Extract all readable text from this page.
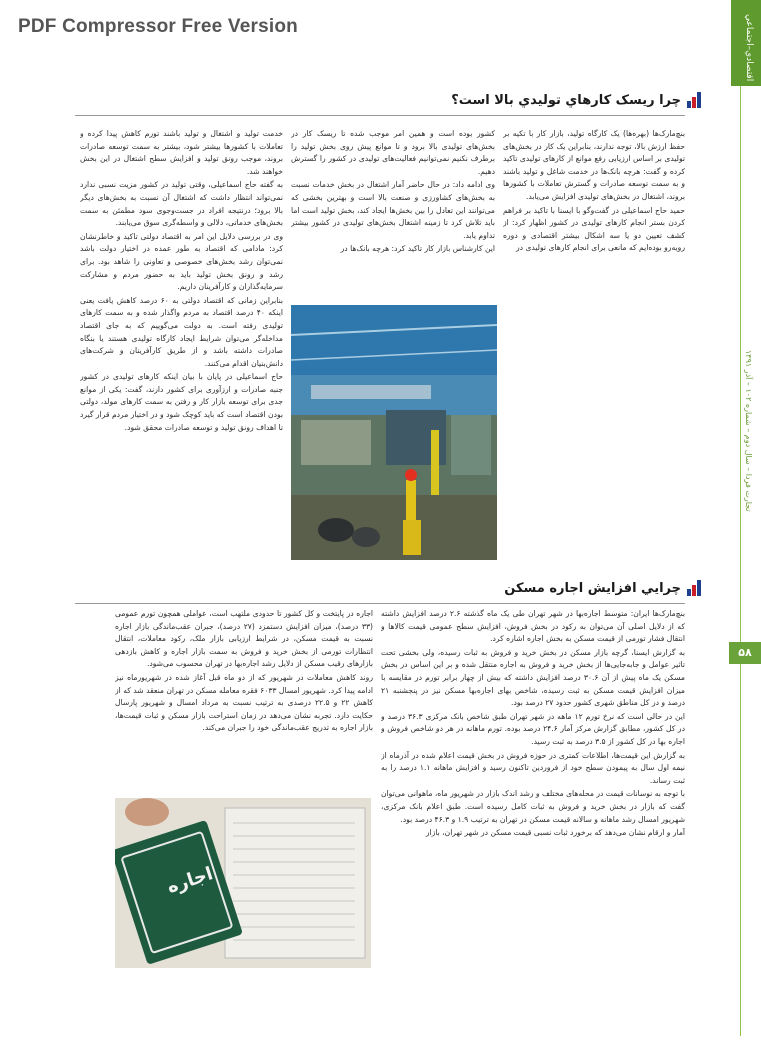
PDF Compressor Free Version	اقتصادي–اجتماعي
تجارت فردا – سال دوم – شماره ۱۰۲ – آذر ۱۳۹۱
۵۸
چرا ريسک کارهاي توليدي بالا است؟

بنچ‌مارک‌ها (بهره‌ها) یک کارگاه تولید، بازار کار با تکیه بر حفظ ارزش بالا، توجه ندارند، بنابراین یک کار در بخش‌های تولیدی بر اساس ارزیابی رفع موانع از کارهای تولیدی تاکید کرده و گفت: هرچه بانک‌ها در خدمت شاغل و تولید باشند و به سمت توسعه صادرات و گسترش تعاملات با کشورها بروند، اشتغال در بخش‌های تولیدی افزایش می‌یابد.

حمید حاج اسماعیلی در گفت‌وگو با ایسنا با تاکید بر فراهم کردن بستر انجام کارهای تولیدی در کشور اظهار کرد: از کشف تعیین دو یا سه اشکال بیشتر اقتصادی و دوره رویه‌رو بوده‌ایم که مانعی برای انجام کارهای تولیدی در

کشور بوده است و همین امر موجب شده تا ریسک کار در بخش‌های تولیدی بالا برود و تا موانع پیش روی بخش تولید را برطرف نکنیم نمی‌توانیم فعالیت‌های تولیدی در کشور را گسترش دهیم.

وی ادامه داد: در حال حاضر آمار اشتغال در بخش خدمات نسبت به بخش‌های کشاورزی و صنعت بالا است و بهترین بخشی که می‌توانند این تعادل را بین بخش‌ها ایجاد کند، بخش تولید است اما باید تلاش کرد تا زمینه اشتغال بخش‌های تولیدی در کشور بیشتر تداوم یابد.

این کارشناس بازار کار تاکید کرد: هرچه بانک‌ها در

خدمت تولید و اشتغال و تولید باشند تورم کاهش پیدا کرده و تعاملات با کشورها بیشتر شود، بیشتر به سمت توسعه صادرات بروند، موجب رونق تولید و افزایش سطح اشتغال در این بخش خواهند شد.

به گفته حاج اسماعیلی، وقتی تولید در کشور مزیت نسبی ندارد نمی‌تواند انتظار داشت که اشتغال آن نسبت به بخش‌های دیگر بالا برود؛ درنتیجه افراد در جست‌وجوی سود مطمئن به سمت بخش‌های خدماتی، دلالی و واسطه‌گری سوق می‌یابند.

وی در بررسی دلایل این امر به اقتصاد دولتی تاکید و خاطرنشان کرد: مادامی که اقتصاد به طور عمده در اختیار دولت باشد نمی‌توان رشد بخش‌های خصوصی و تعاونی را شاهد بود. برای رشد و رونق بخش تولید باید به حضور مردم و مشارکت سرمایه‌گذاران و کارآفرینان داریم.

بنابراین زمانی که اقتصاد دولتی به ۶۰ درصد کاهش یافت یعنی اینکه ۴۰ درصد اقتصاد به مردم واگذار شده و به سمت کارهای تولیدی رفته است. به دولت می‌گوییم که به جای اقتصاد مداخله‌گر می‌توان شرایط ایجاد کارگاه تولیدی هستند یا بنگاه صادرات داشته باشد و از طریق کارآفرینان و شرکت‌های دانش‌بنیان اقدام می‌کنند.

حاج اسماعیلی در پایان با بیان اینکه کارهای تولیدی در کشور جنبه صادرات و ارزآوری برای کشور دارند، گفت: یکی از موانع جدی برای توسعه بازار کار و رفتن به سمت کارهای مولد، دولتی بودن اقتصاد است که باید کوچک شود و در اختیار مردم قرار گیرد تا اهداف رونق تولید و توسعه صادرات محقق شود.

چرايي افزايش اجاره مسکن

بنچ‌مارک‌ها ایران: متوسط اجاره‌بها در شهر تهران طی یک ماه گذشته ۲.۶ درصد افزایش داشته که از دلایل اصلی آن می‌توان به رکود در بخش فروش، افزایش سطح عمومی قیمت کالاها و انتقال فشار تورمی از قیمت مسکن به بخش اجاره اشاره کرد.

به گزارش ایسنا، گرچه بازار مسکن در بخش خرید و فروش به ثبات رسیده، ولی بخشی تحت تاثیر عوامل و جابه‌جایی‌ها از بخش خرید و فروش به اجاره منتقل شده و بر این اساس در بخش مسکن یک ماه پیش از آن ۳۰.۶ درصد افزایش داشته که بیش از چهار برابر تورم در مقایسه با میزان افزایش قیمت مسکن به ثبت رسیده، شاخص بهای اجاره‌بها مسکن نیز در پنجشنبه ۲۱ درصد و در کل مناطق شهری کشور حدود ۲۷ درصد بود.

این در حالی است که نرخ تورم ۱۲ ماهه در شهر تهران طبق شاخص بانک مرکزی ۳۶.۳ درصد و در کل کشور، مطابق گزارش مرکز آمار ۲۴.۶ درصد بوده. تورم ماهانه در هر دو شاخص فروش و اجاره بها در کل کشور از ۳.۵ درصد به ثبت رسید.

به گزارش این قیمت‌ها، اطلاعات کمتری در حوزه فروش در بخش قیمت اعلام شده در آذرماه از نیمه اول سال به پیمودن سطح خود از فروردین تاکنون رسید و افزایش ماهانه ۱.۱ درصد را به ثبت رساند.

با توجه به نوسانات قیمت در محله‌های مختلف و رشد اندک بازار در شهریور ماه، ماهوانی می‌توان گفت که بازار در بخش خرید و فروش به ثبات کامل رسیده است. طبق اعلام بانک مرکزی، شهریور امسال رشد ماهانه و سالانه قیمت مسکن در تهران به ترتیب ۱.۹ و ۴۶.۳ درصد بود.

آمار و ارقام نشان می‌دهد که برخورد ثبات نسبی قیمت مسکن در شهر تهران، بازار

اجاره در پایتخت و کل کشور تا حدودی ملتهب است، عواملی همچون تورم عمومی (۳۳ درصد)، میزان افزایش دستمزد (۲۷ درصد)، جبران عقب‌ماندگی بازار اجاره نسبت به قیمت مسکن، در شرایط ارزیابی بازار ملک، رکود معاملات، انتقال انتظارات تورمی از بخش خرید و فروش به سمت بازار اجاره و کاهش بازدهی بازارهای رقیب مسکن از دلایل رشد اجاره‌بها در تهران محسوب می‌شود.

روند کاهش معاملات در شهریور که از دو ماه قبل آغاز شده در شهریورماه نیز ادامه پیدا کرد. شهریور امسال ۶۰۳۳ فقره معامله مسکن در تهران منعقد شد که از کاهش ۲۲ و ۲۲.۵ درصدی به ترتیب نسبت به مرداد امسال و شهریور پارسال حکایت دارد. تجربه نشان می‌دهد در زمان استراحت بازار مسکن و ثبات قیمت‌ها، بازار اجاره به تدریج عقب‌ماندگی خود را جبران می‌کند.

اجاره
